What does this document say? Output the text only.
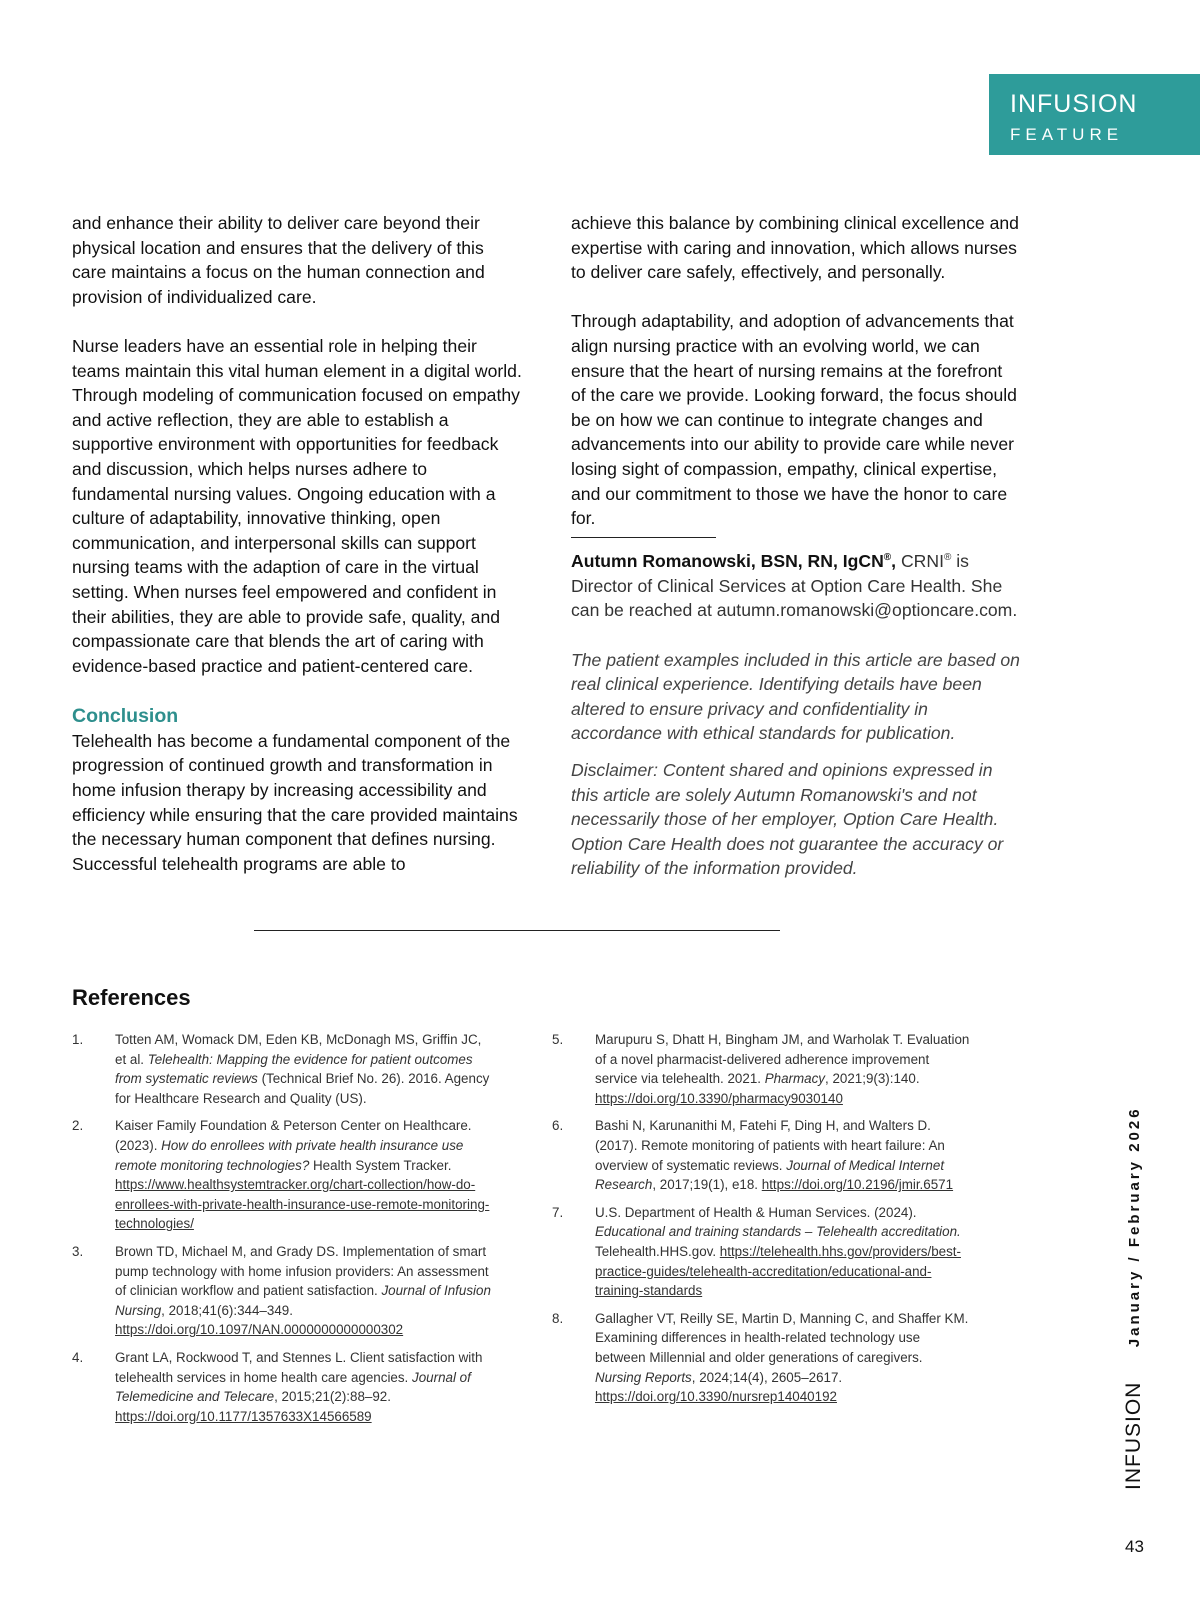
INFUSION
FEATURE

and enhance their ability to deliver care beyond their physical location and ensures that the delivery of this care maintains a focus on the human connection and provision of individualized care.

Nurse leaders have an essential role in helping their teams maintain this vital human element in a digital world. Through modeling of communication focused on empathy and active reflection, they are able to establish a supportive environment with opportunities for feedback and discussion, which helps nurses adhere to fundamental nursing values. Ongoing education with a culture of adaptability, innovative thinking, open communication, and interpersonal skills can support nursing teams with the adaption of care in the virtual setting. When nurses feel empowered and confident in their abilities, they are able to provide safe, quality, and compassionate care that blends the art of caring with evidence-based practice and patient-centered care.

Conclusion

Telehealth has become a fundamental component of the progression of continued growth and transformation in home infusion therapy by increasing accessibility and efficiency while ensuring that the care provided maintains the necessary human component that defines nursing. Successful telehealth programs are able to

achieve this balance by combining clinical excellence and expertise with caring and innovation, which allows nurses to deliver care safely, effectively, and personally.

Through adaptability, and adoption of advancements that align nursing practice with an evolving world, we can ensure that the heart of nursing remains at the forefront of the care we provide. Looking forward, the focus should be on how we can continue to integrate changes and advancements into our ability to provide care while never losing sight of compassion, empathy, clinical expertise, and our commitment to those we have the honor to care for.

Autumn Romanowski, BSN, RN, IgCN®, CRNI® is Director of Clinical Services at Option Care Health. She can be reached at autumn.romanowski@optioncare.com.

The patient examples included in this article are based on real clinical experience. Identifying details have been altered to ensure privacy and confidentiality in accordance with ethical standards for publication.

Disclaimer: Content shared and opinions expressed in this article are solely Autumn Romanowski's and not necessarily those of her employer, Option Care Health. Option Care Health does not guarantee the accuracy or reliability of the information provided.

References
1.	Totten AM, Womack DM, Eden KB, McDonagh MS, Griffin JC, et al. Telehealth: Mapping the evidence for patient outcomes from systematic reviews (Technical Brief No. 26). 2016. Agency for Healthcare Research and Quality (US).
2.	Kaiser Family Foundation & Peterson Center on Healthcare. (2023). How do enrollees with private health insurance use remote monitoring technologies? Health System Tracker. https://www.healthsystemtracker.org/chart-collection/how-do-enrollees-with-private-health-insurance-use-remote-monitoring-technologies/
3.	Brown TD, Michael M, and Grady DS. Implementation of smart pump technology with home infusion providers: An assessment of clinician workflow and patient satisfaction. Journal of Infusion Nursing, 2018;41(6):344–349. https://doi.org/10.1097/NAN.0000000000000302
4.	Grant LA, Rockwood T, and Stennes L. Client satisfaction with telehealth services in home health care agencies. Journal of Telemedicine and Telecare, 2015;21(2):88–92. https://doi.org/10.1177/1357633X14566589
5.	Marupuru S, Dhatt H, Bingham JM, and Warholak T. Evaluation of a novel pharmacist-delivered adherence improvement service via telehealth. 2021. Pharmacy, 2021;9(3):140. https://doi.org/10.3390/pharmacy9030140
6.	Bashi N, Karunanithi M, Fatehi F, Ding H, and Walters D. (2017). Remote monitoring of patients with heart failure: An overview of systematic reviews. Journal of Medical Internet Research, 2017;19(1), e18. https://doi.org/10.2196/jmir.6571
7.	U.S. Department of Health & Human Services. (2024). Educational and training standards – Telehealth accreditation. Telehealth.HHS.gov. https://telehealth.hhs.gov/providers/best-practice-guides/telehealth-accreditation/educational-and-training-standards
8.	Gallagher VT, Reilly SE, Martin D, Manning C, and Shaffer KM. Examining differences in health-related technology use between Millennial and older generations of caregivers. Nursing Reports, 2024;14(4), 2605–2617. https://doi.org/10.3390/nursrep14040192	INFUSION January / February 2026
43
